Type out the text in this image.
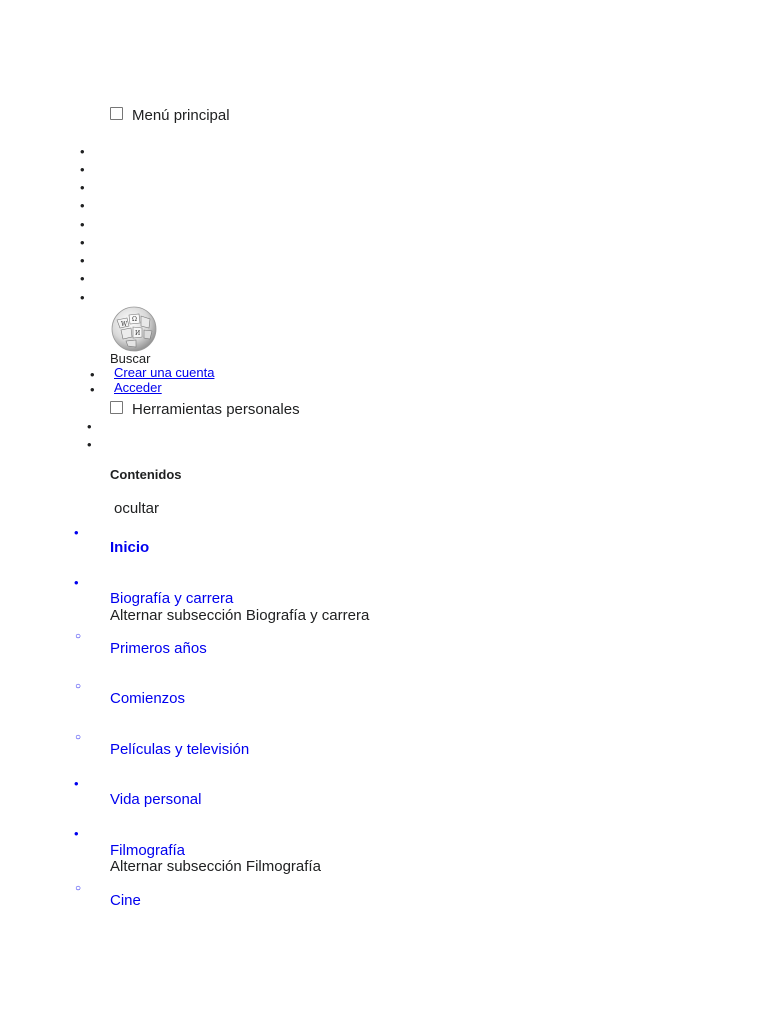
Menú principal
•
•
•
•
•
•
•
•
•
W
Ω
И
Buscar
•
Crear una cuenta
•
Acceder
Herramientas personales
•
•
Contenidos
ocultar
•
Inicio
•
Biografía y carrera
Alternar subsección Biografía y carrera
○
Primeros años
○
Comienzos
○
Películas y televisión
•
Vida personal
•
Filmografía
Alternar subsección Filmografía
○
Cine
